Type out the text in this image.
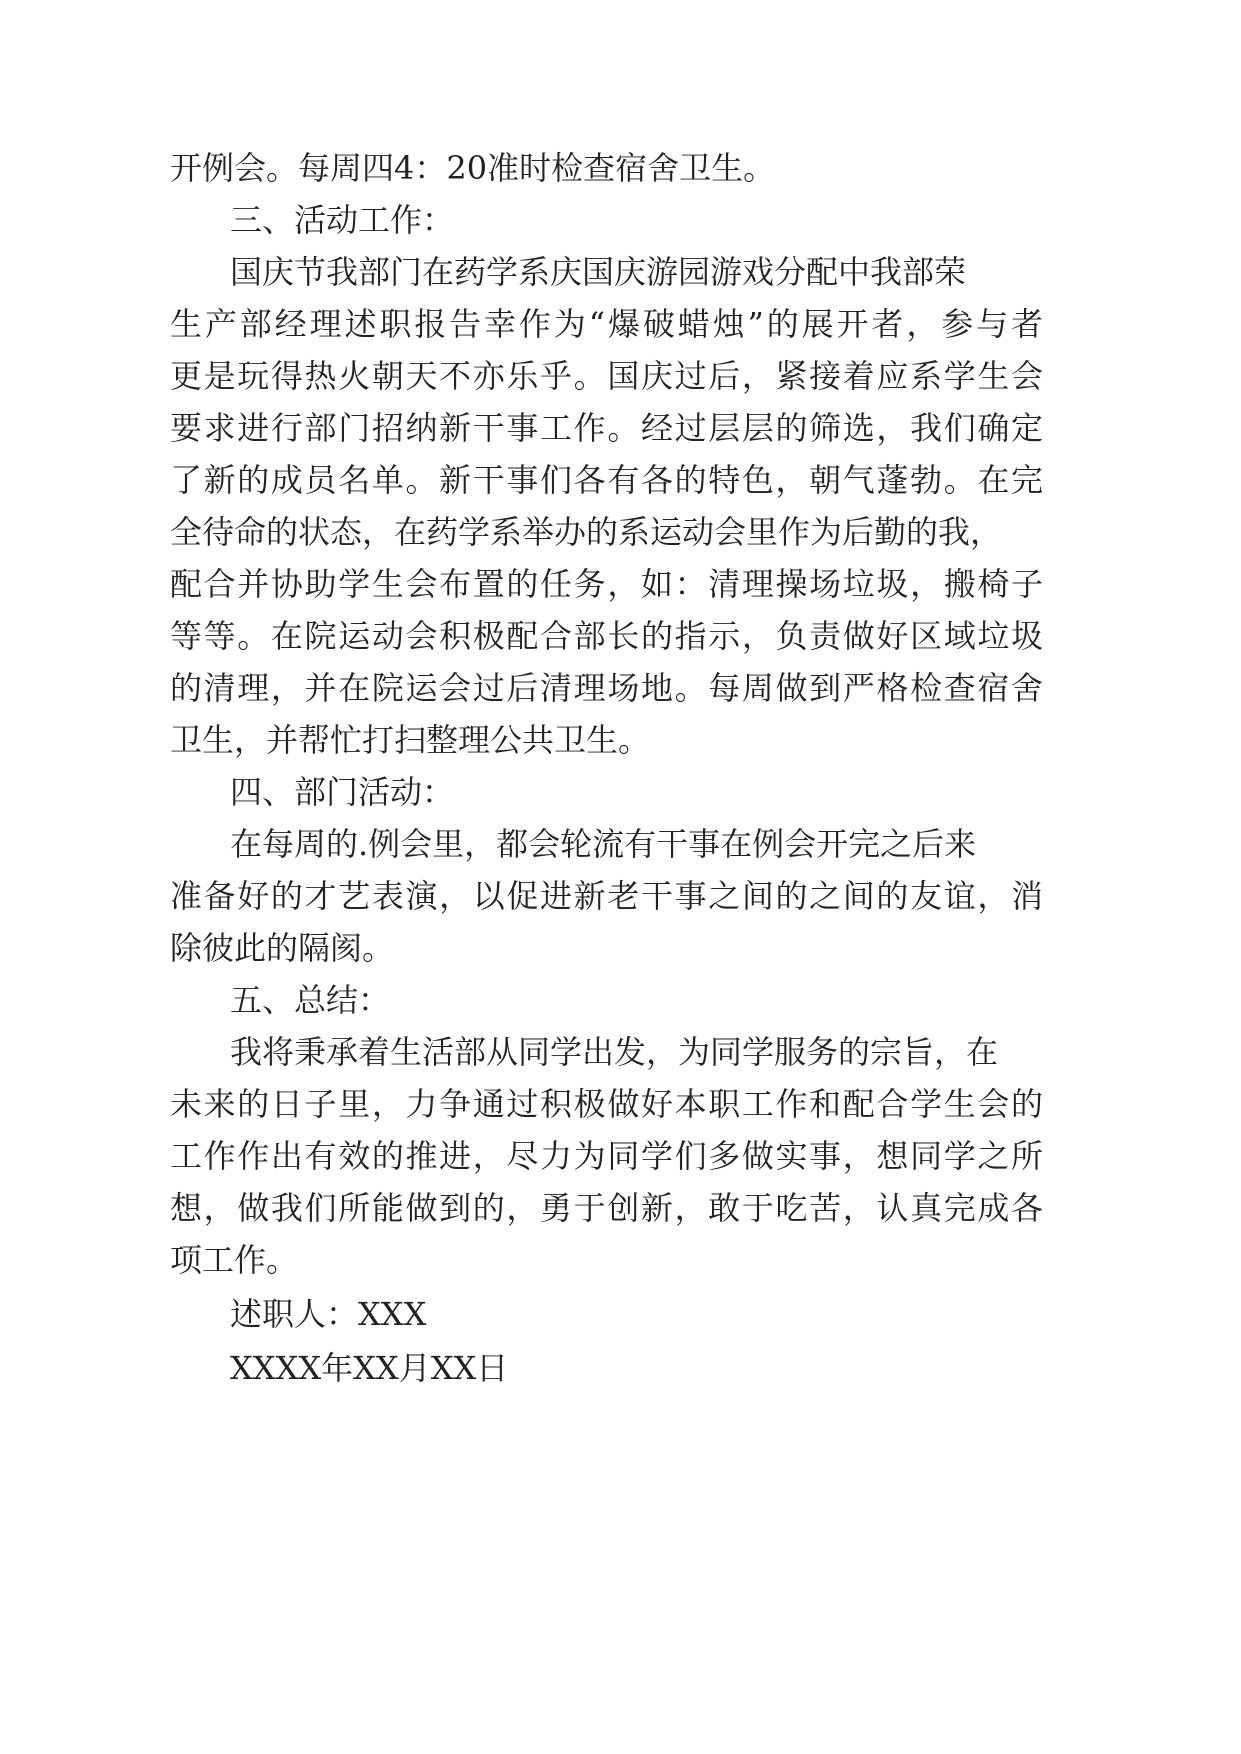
开例会。每周四4：20准时检查宿舍卫生。
三、活动工作：
国庆节我部门在药学系庆国庆游园游戏分配中我部荣
生产部经理述职报告幸作为“爆破蜡烛”的展开者，参与者
更是玩得热火朝天不亦乐乎。国庆过后，紧接着应系学生会
要求进行部门招纳新干事工作。经过层层的筛选，我们确定
了新的成员名单。新干事们各有各的特色，朝气蓬勃。在完
全待命的状态，在药学系举办的系运动会里作为后勤的我，
配合并协助学生会布置的任务，如：清理操场垃圾，搬椅子
等等。在院运动会积极配合部长的指示，负责做好区域垃圾
的清理，并在院运会过后清理场地。每周做到严格检查宿舍
卫生，并帮忙打扫整理公共卫生。
四、部门活动：
在每周的.例会里，都会轮流有干事在例会开完之后来
准备好的才艺表演，以促进新老干事之间的之间的友谊，消
除彼此的隔阂。
五、总结：
我将秉承着生活部从同学出发，为同学服务的宗旨，在
未来的日子里，力争通过积极做好本职工作和配合学生会的
工作作出有效的推进，尽力为同学们多做实事，想同学之所
想，做我们所能做到的，勇于创新，敢于吃苦，认真完成各
项工作。
述职人：XXX
XXXX年XX月XX日
